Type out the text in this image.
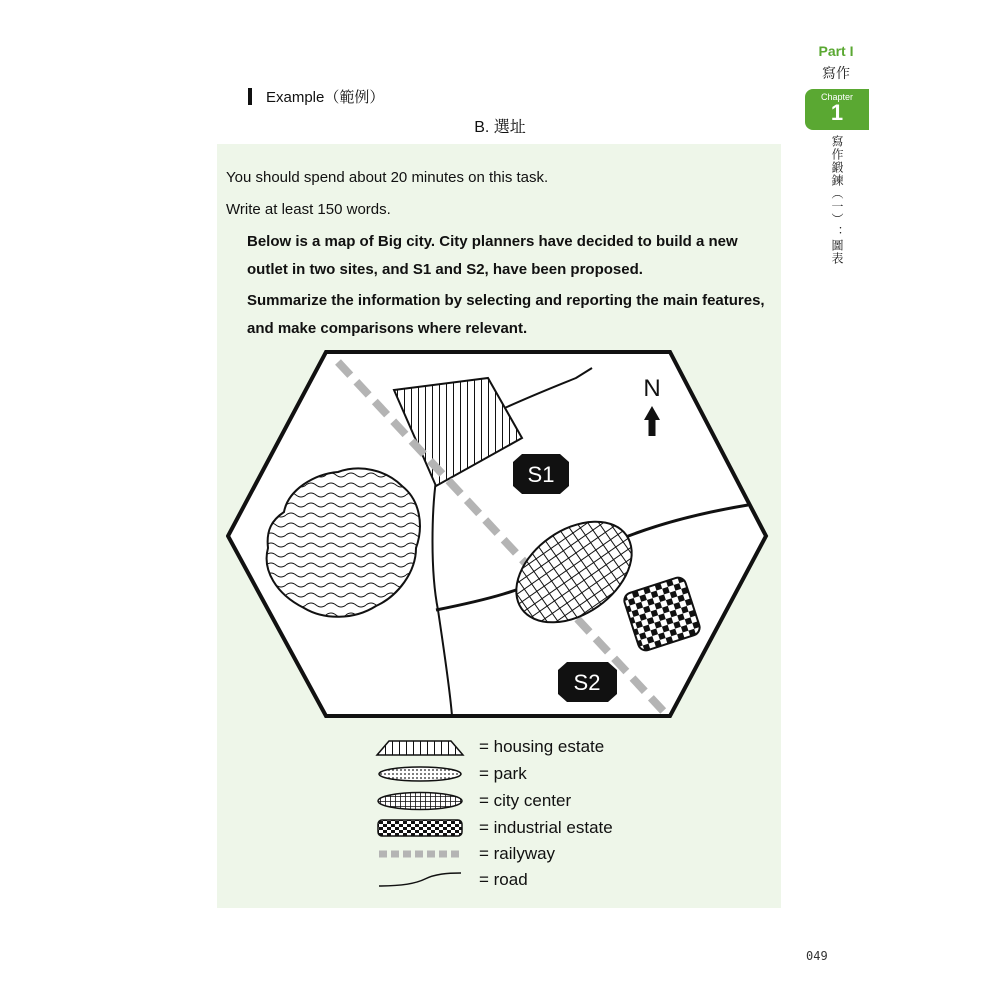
Part I
寫作
Chapter
1
寫作鍛鍊（一）：圖表
Example（範例）
B. 選址
You should spend about 20 minutes on this task.
Write at least 150 words.
Below is a map of Big city. City planners have decided to build a new
outlet in two sites, and S1 and S2, have been proposed.
Summarize the information by selecting and reporting the main features,
and make comparisons where relevant.
S1
S2
N
= housing estate
= park
= city center
= industrial estate
= railyway
= road
049
